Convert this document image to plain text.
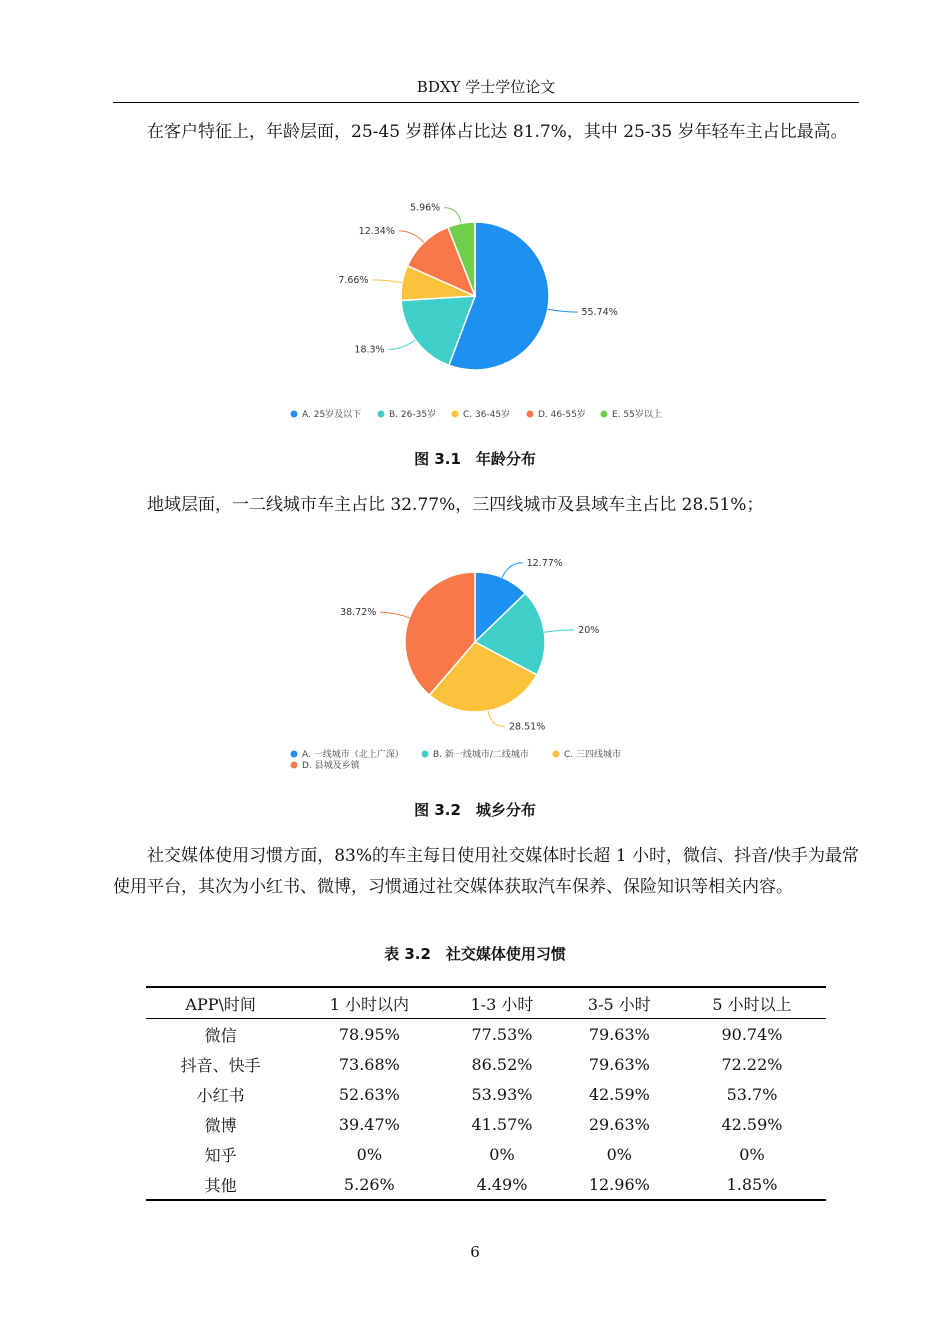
BDXY 学士学位论文

在客户特征上，年龄层面，25-45 岁群体占比达 81.7%，其中 25-35 岁年轻车主占比最高。

55.74%
18.3%
7.66%
12.34%
5.96%
A. 25岁及以下	B. 26-35岁	C. 36-45岁	D. 46-55岁	E. 55岁以上
图 3.1　年龄分布

地域层面，一二线城市车主占比 32.77%，三四线城市及县域车主占比 28.51%；

12.77%
20%
28.51%
38.72%
A. 一线城市（北上广深）	B. 新一线城市/二线城市	C. 三四线城市
D. 县城及乡镇
图 3.2　城乡分布

社交媒体使用习惯方面，83%的车主每日使用社交媒体时长超 1 小时，微信、抖音/快手为最常使用平台，其次为小红书、微博，习惯通过社交媒体获取汽车保养、保险知识等相关内容。

表 3.2　社交媒体使用习惯
APP\时间	1 小时以内	1-3 小时	3-5 小时	5 小时以上
微信	78.95%	77.53%	79.63%	90.74%
抖音、快手	73.68%	86.52%	79.63%	72.22%
小红书	52.63%	53.93%	42.59%	53.7%
微博	39.47%	41.57%	29.63%	42.59%
知乎	0%	0%	0%	0%
其他	5.26%	4.49%	12.96%	1.85%
6
